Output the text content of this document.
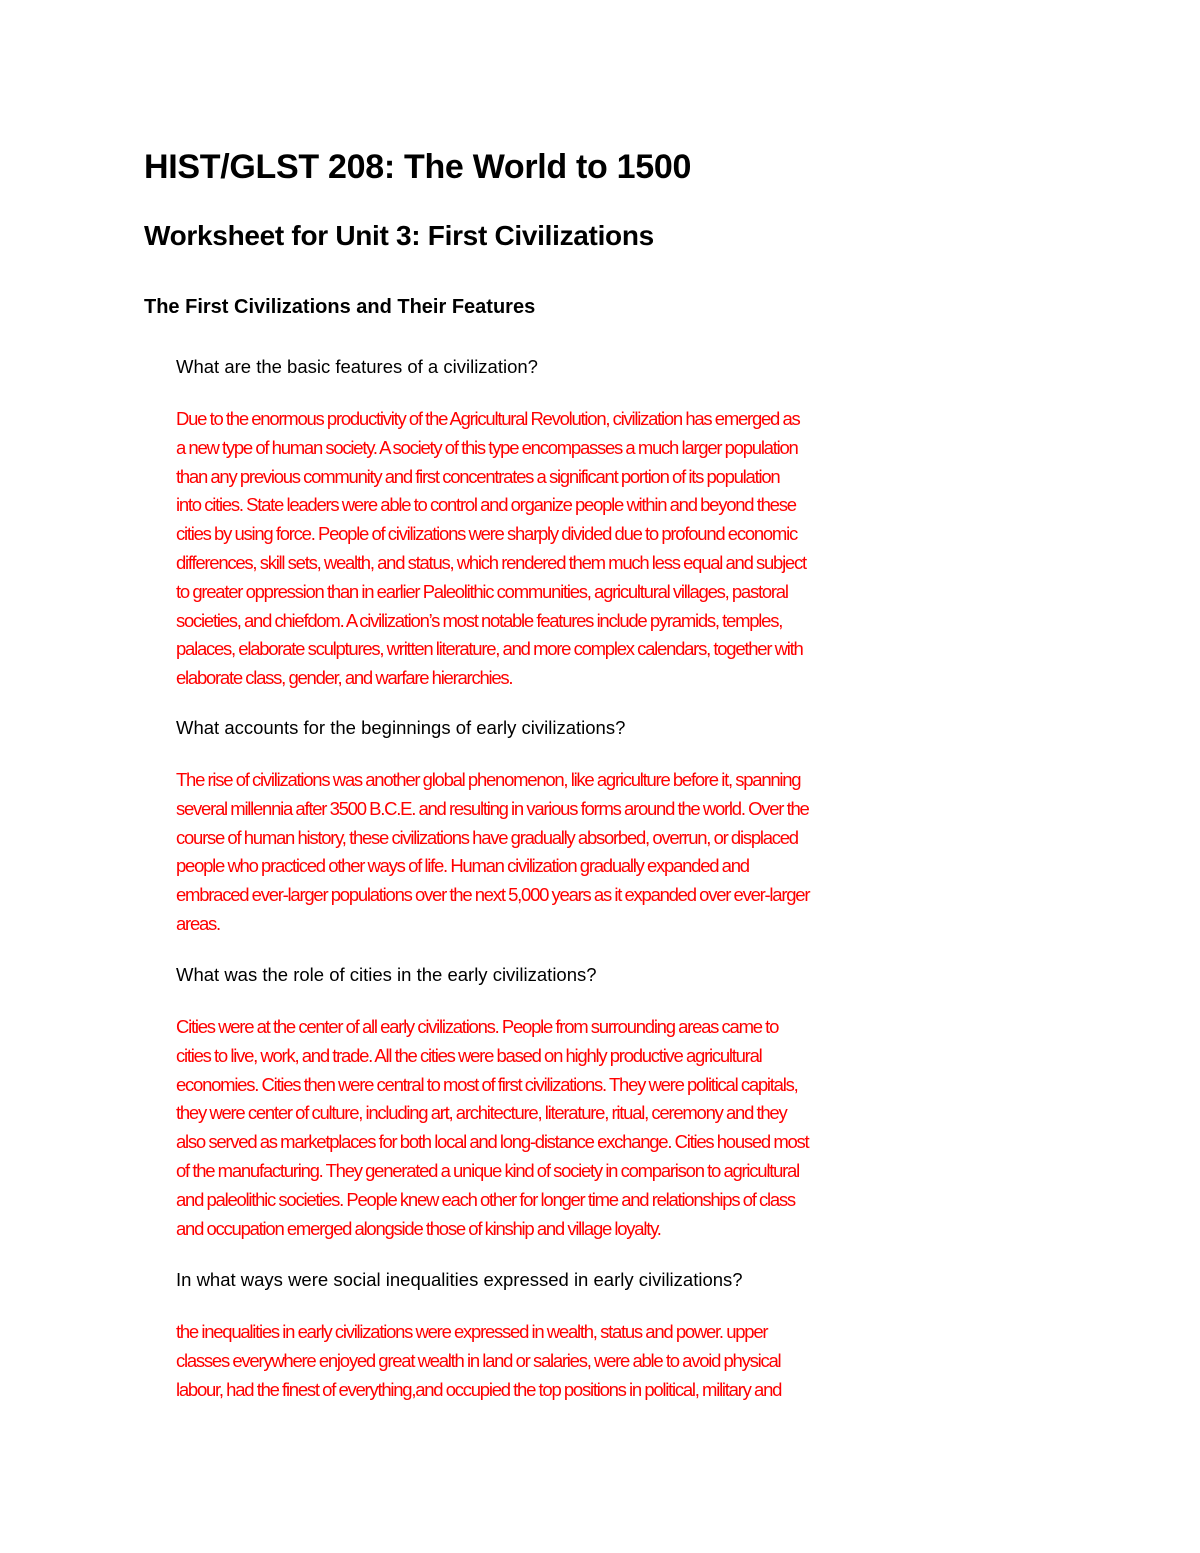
HIST/GLST 208: The World to 1500
Worksheet for Unit 3: First Civilizations
The First Civilizations and Their Features

What are the basic features of a civilization?

Due to the enormous productivity of the Agricultural Revolution, civilization has emerged as
a new type of human society. A society of this type encompasses a much larger population
than any previous community and first concentrates a significant portion of its population
into cities. State leaders were able to control and organize people within and beyond these
cities by using force. People of civilizations were sharply divided due to profound economic
differences, skill sets, wealth, and status, which rendered them much less equal and subject
to greater oppression than in earlier Paleolithic communities, agricultural villages, pastoral
societies, and chiefdom. A civilization’s most notable features include pyramids, temples,
palaces, elaborate sculptures, written literature, and more complex calendars, together with
elaborate class, gender, and warfare hierarchies.

What accounts for the beginnings of early civilizations?

The rise of civilizations was another global phenomenon, like agriculture before it, spanning
several millennia after 3500 B.C.E. and resulting in various forms around the world. Over the
course of human history, these civilizations have gradually absorbed, overrun, or displaced
people who practiced other ways of life. Human civilization gradually expanded and
embraced ever-larger populations over the next 5,000 years as it expanded over ever-larger
areas.

What was the role of cities in the early civilizations?

Cities were at the center of all early civilizations. People from surrounding areas came to
cities to live, work, and trade. All the cities were based on highly productive agricultural
economies. Cities then were central to most of first civilizations. They were political capitals,
they were center of culture, including art, architecture, literature, ritual, ceremony and they
also served as marketplaces for both local and long-distance exchange. Cities housed most
of the manufacturing. They generated a unique kind of society in comparison to agricultural
and paleolithic societies. People knew each other for longer time and relationships of class
and occupation emerged alongside those of kinship and village loyalty.

In what ways were social inequalities expressed in early civilizations?

the inequalities in early civilizations were expressed in wealth, status and power. upper
classes everywhere enjoyed great wealth in land or salaries, were able to avoid physical
labour, had the finest of everything,and occupied the top positions in political, military and
